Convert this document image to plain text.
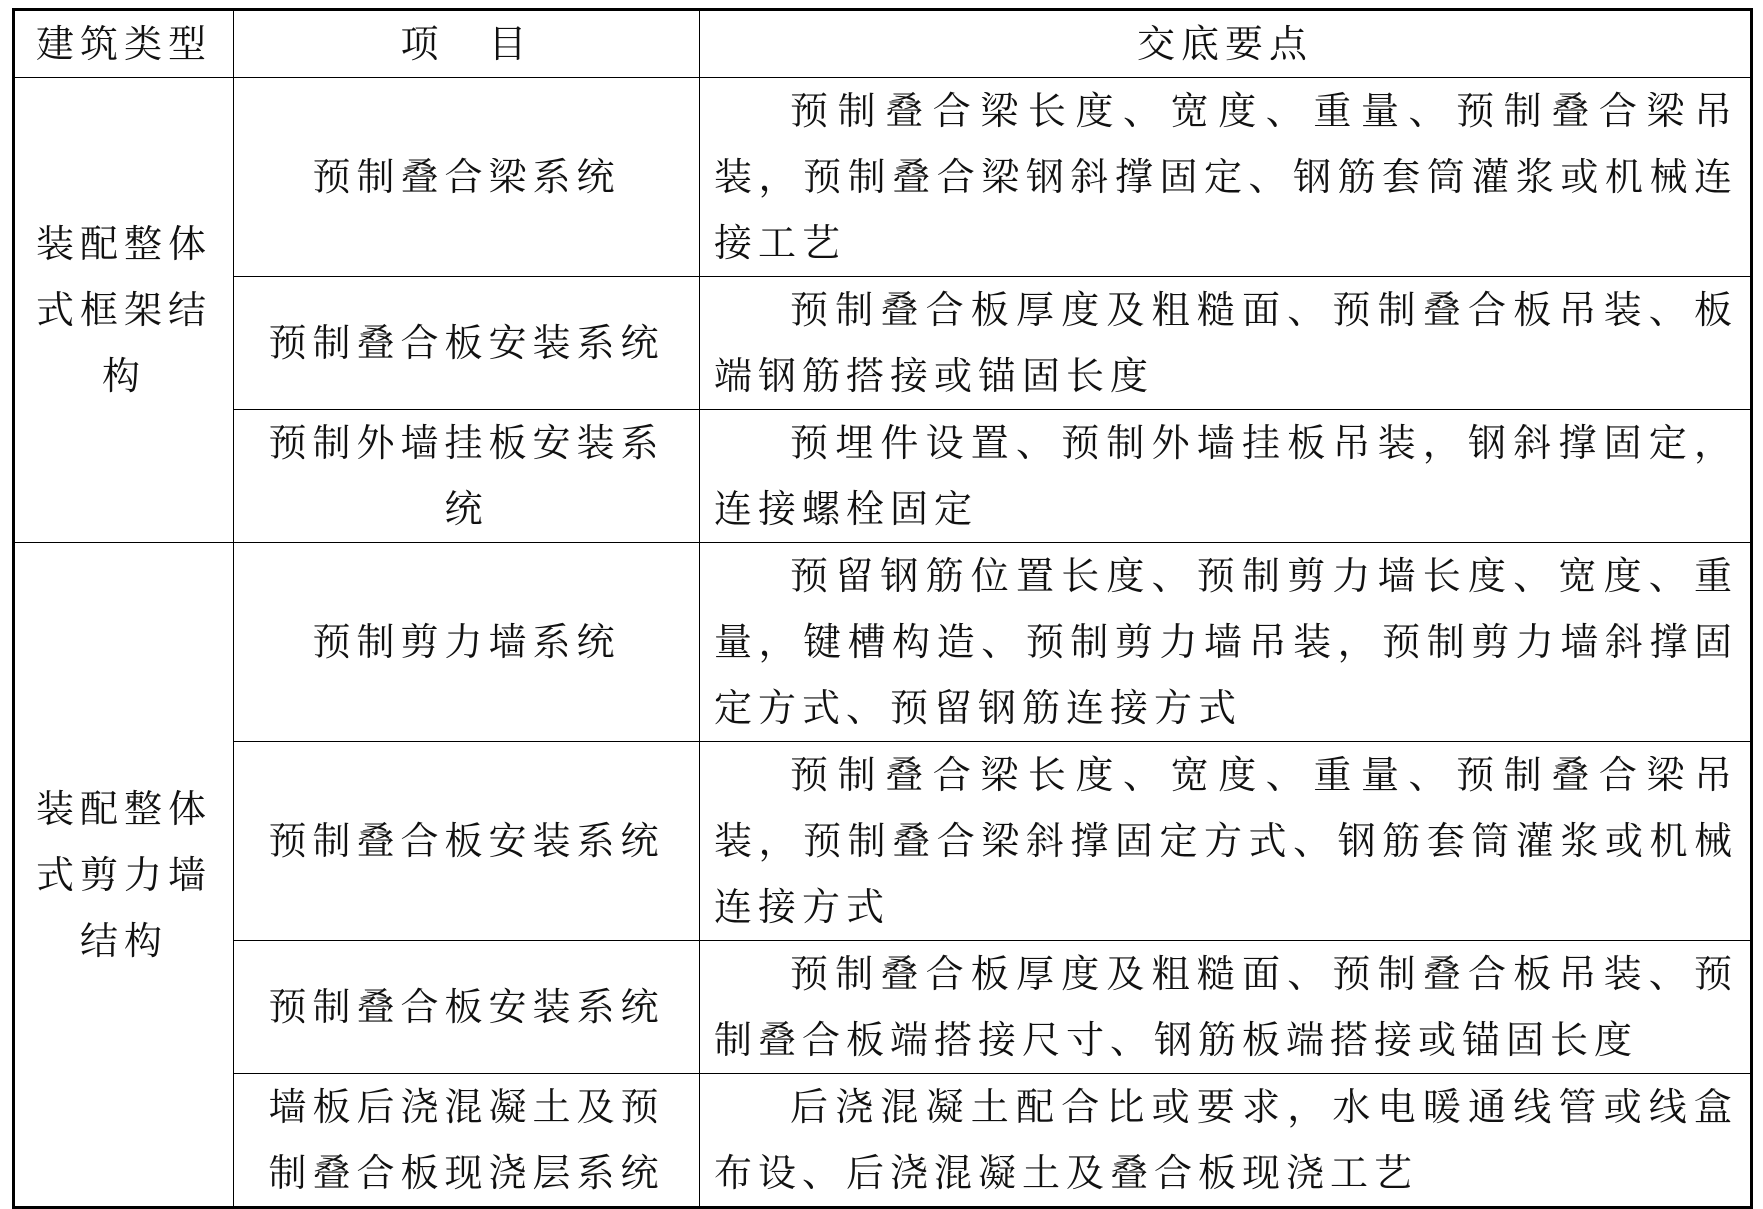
建筑类型	项　目	交底要点
装配整体式框架结构	预制叠合梁系统	预制叠合梁长度、宽度、重量、预制叠合梁吊装，预制叠合梁钢斜撑固定、钢筋套筒灌浆或机械连接工艺
	预制叠合板安装系统	预制叠合板厚度及粗糙面、预制叠合板吊装、板端钢筋搭接或锚固长度
	预制外墙挂板安装系统	预埋件设置、预制外墙挂板吊装，钢斜撑固定，连接螺栓固定
装配整体式剪力墙结构	预制剪力墙系统	预留钢筋位置长度、预制剪力墙长度、宽度、重量，键槽构造、预制剪力墙吊装，预制剪力墙斜撑固定方式、预留钢筋连接方式
	预制叠合板安装系统	预制叠合梁长度、宽度、重量、预制叠合梁吊装，预制叠合梁斜撑固定方式、钢筋套筒灌浆或机械连接方式
	预制叠合板安装系统	预制叠合板厚度及粗糙面、预制叠合板吊装、预制叠合板端搭接尺寸、钢筋板端搭接或锚固长度
	墙板后浇混凝土及预制叠合板现浇层系统	后浇混凝土配合比或要求，水电暖通线管或线盒布设、后浇混凝土及叠合板现浇工艺
